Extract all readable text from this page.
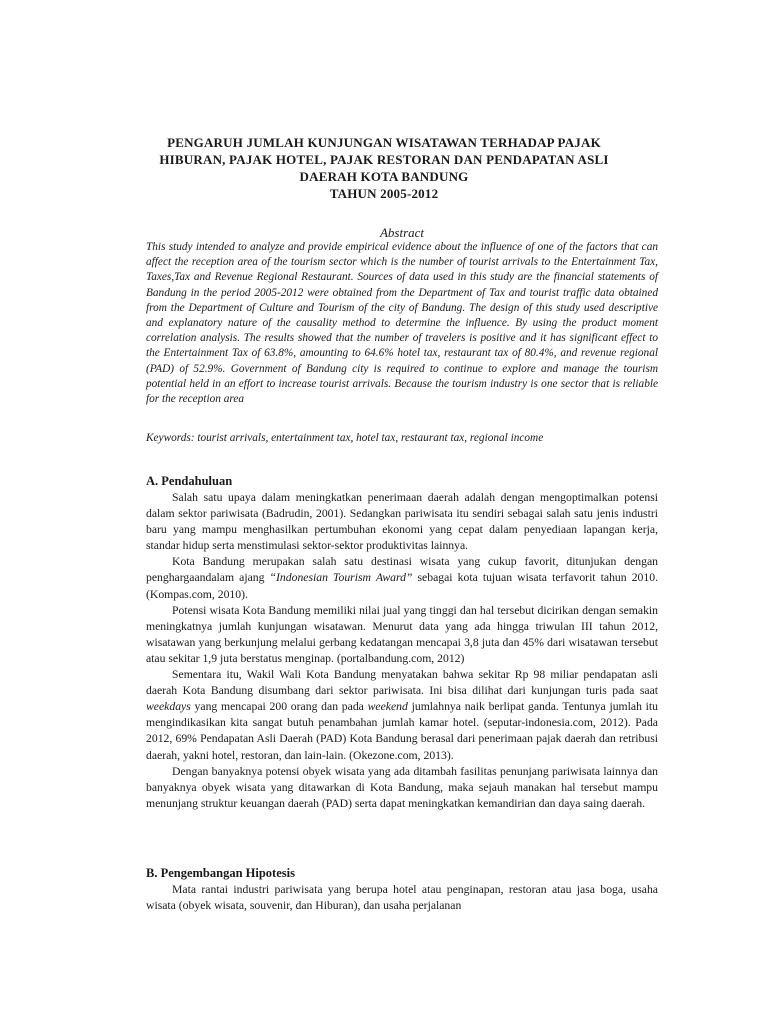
PENGARUH JUMLAH KUNJUNGAN WISATAWAN TERHADAP PAJAK
HIBURAN, PAJAK HOTEL, PAJAK RESTORAN DAN PENDAPATAN ASLI
DAERAH KOTA BANDUNG
TAHUN 2005-2012
Abstract
This study intended to analyze and provide empirical evidence about the influence of one of the factors that can affect the reception area of the tourism sector which is the number of tourist arrivals to the Entertainment Tax, Taxes,Tax and Revenue Regional Restaurant. Sources of data used in this study are the financial statements of Bandung in the period 2005-2012 were obtained from the Department of Tax and tourist traffic data obtained from the Department of Culture and Tourism of the city of Bandung. The design of this study used descriptive and explanatory nature of the causality method to determine the influence. By using the product moment correlation analysis. The results showed that the number of travelers is positive and it has significant effect to the Entertainment Tax of 63.8%, amounting to 64.6% hotel tax, restaurant tax of 80.4%, and revenue regional (PAD) of 52.9%. Government of Bandung city is required to continue to explore and manage the tourism potential held in an effort to increase tourist arrivals. Because the tourism industry is one sector that is reliable for the reception area
Keywords: tourist arrivals, entertainment tax, hotel tax, restaurant tax, regional income
A. Pendahuluan

Salah satu upaya dalam meningkatkan penerimaan daerah adalah dengan mengoptimalkan potensi dalam sektor pariwisata (Badrudin, 2001). Sedangkan pariwisata itu sendiri sebagai salah satu jenis industri baru yang mampu menghasilkan pertumbuhan ekonomi yang cepat dalam penyediaan lapangan kerja, standar hidup serta menstimulasi sektor-sektor produktivitas lainnya.

Kota Bandung merupakan salah satu destinasi wisata yang cukup favorit, ditunjukan dengan penghargaandalam ajang “Indonesian Tourism Award” sebagai kota tujuan wisata terfavorit tahun 2010. (Kompas.com, 2010).

Potensi wisata Kota Bandung memiliki nilai jual yang tinggi dan hal tersebut dicirikan dengan semakin meningkatnya jumlah kunjungan wisatawan. Menurut data yang ada hingga triwulan III tahun 2012, wisatawan yang berkunjung melalui gerbang kedatangan mencapai 3,8 juta dan 45% dari wisatawan tersebut atau sekitar 1,9 juta berstatus menginap. (portalbandung.com, 2012)

Sementara itu, Wakil Wali Kota Bandung menyatakan bahwa sekitar Rp 98 miliar pendapatan asli daerah Kota Bandung disumbang dari sektor pariwisata. Ini bisa dilihat dari kunjungan turis pada saat weekdays yang mencapai 200 orang dan pada weekend jumlahnya naik berlipat ganda. Tentunya jumlah itu mengindikasikan kita sangat butuh penambahan jumlah kamar hotel. (seputar-indonesia.com, 2012). Pada 2012, 69% Pendapatan Asli Daerah (PAD) Kota Bandung berasal dari penerimaan pajak daerah dan retribusi daerah, yakni hotel, restoran, dan lain-lain. (Okezone.com, 2013).

Dengan banyaknya potensi obyek wisata yang ada ditambah fasilitas penunjang pariwisata lainnya dan banyaknya obyek wisata yang ditawarkan di Kota Bandung, maka sejauh manakan hal tersebut mampu menunjang struktur keuangan daerah (PAD) serta dapat meningkatkan kemandirian dan daya saing daerah.

B. Pengembangan Hipotesis

Mata rantai industri pariwisata yang berupa hotel atau penginapan, restoran atau jasa boga, usaha wisata (obyek wisata, souvenir, dan Hiburan), dan usaha perjalanan
